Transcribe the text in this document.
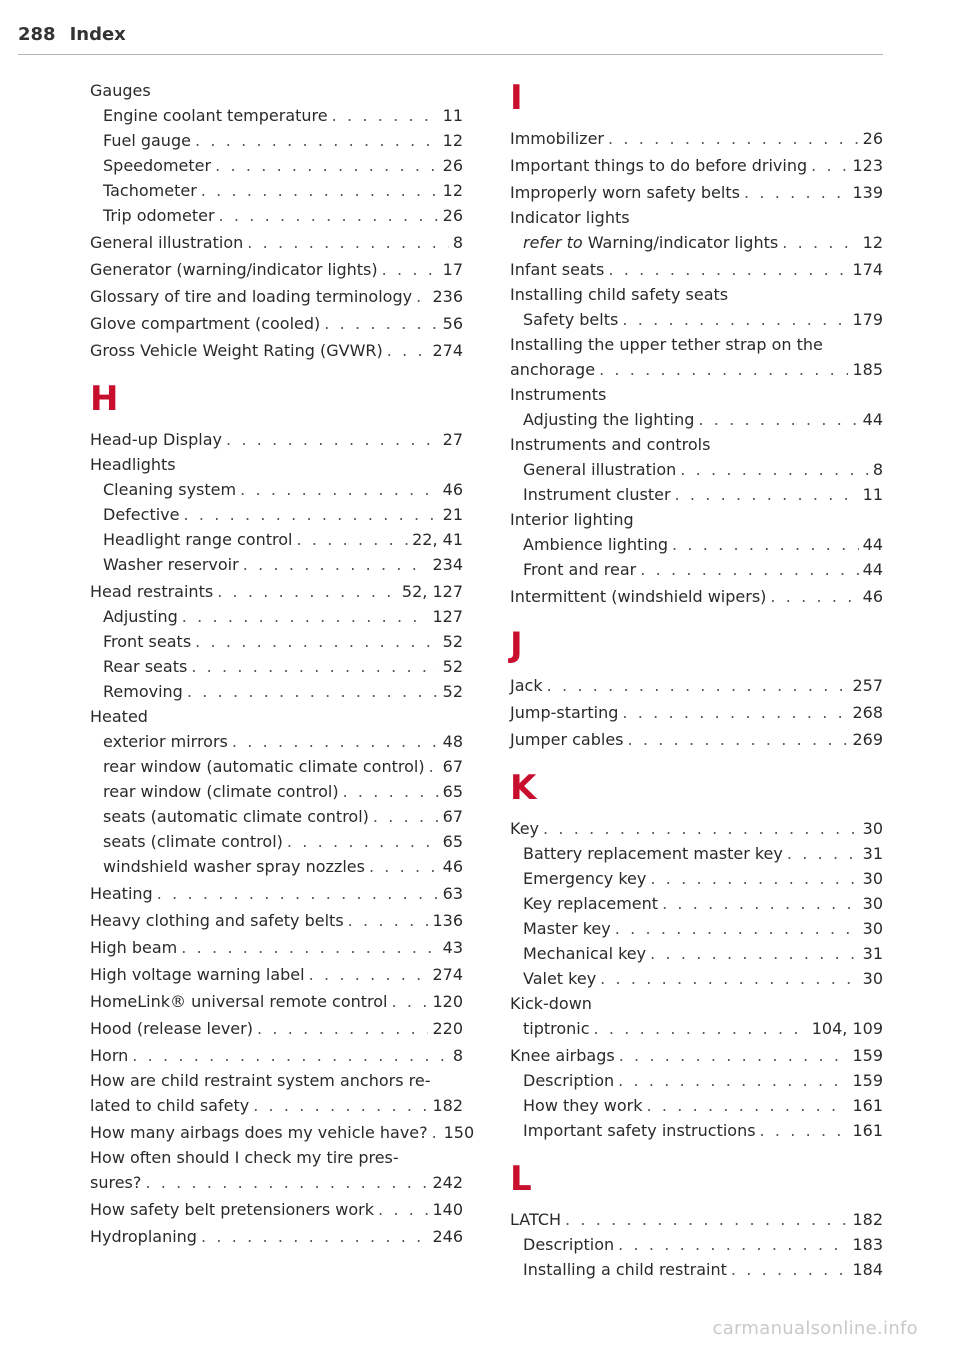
288 Index
Gauges
Engine coolant temperature . . .	11
Fuel gauge . . .	12
Speedometer . . .	26
Tachometer . . .	12
Trip odometer . . .	26
General illustration . . .	8
Generator (warning/indicator lights) . . .	17
Glossary of tire and loading terminology . . . 236
Glove compartment (cooled) . . .	56
Gross Vehicle Weight Rating (GVWR) . . .	274
H
Head-up Display . . .	27
Headlights
Cleaning system . . .	46
Defective . . .	21
Headlight range control . . .	22, 41
Washer reservoir . . .	234
Head restraints . . .	52, 127
Adjusting . . .	127
Front seats . . .	52
Rear seats . . .	52
Removing . . .	52
Heated
exterior mirrors . . .	48
rear window (automatic climate control) . . . 67
rear window (climate control) . . .	65
seats (automatic climate control) . . .	67
seats (climate control) . . .	65
windshield washer spray nozzles . . .	46
Heating . . .	63
Heavy clothing and safety belts . . .	136
High beam . . .	43
High voltage warning label . . .	274
HomeLink® universal remote control . . .	120
Hood (release lever) . . .	220
Horn . . .	8
How are child restraint system anchors re-
lated to child safety . . .	182
How many airbags does my vehicle have? . . . 150
How often should I check my tire pres-
sures? . . .	242
How safety belt pretensioners work . . .	140
Hydroplaning . . .	246
I
Immobilizer . . .	26
Important things to do before driving . . .	123
Improperly worn safety belts . . .	139
Indicator lights
refer to Warning/indicator lights . . .	12
Infant seats . . .	174
Installing child safety seats
Safety belts . . .	179
Installing the upper tether strap on the
anchorage . . .	185
Instruments
Adjusting the lighting . . .	44
Instruments and controls
General illustration . . .	8
Instrument cluster . . .	11
Interior lighting
Ambience lighting . . .	44
Front and rear . . .	44
Intermittent (windshield wipers) . . .	46
J
Jack . . .	257
Jump-starting . . .	268
Jumper cables . . .	269
K
Key . . .	30
Battery replacement master key . . .	31
Emergency key . . .	30
Key replacement . . .	30
Master key . . .	30
Mechanical key . . .	31
Valet key . . .	30
Kick-down
tiptronic . . .	104, 109
Knee airbags . . .	159
Description . . .	159
How they work . . .	161
Important safety instructions . . .	161
L
LATCH . . .	182
Description . . .	183
Installing a child restraint . . .	184
carmanualsonline.info
